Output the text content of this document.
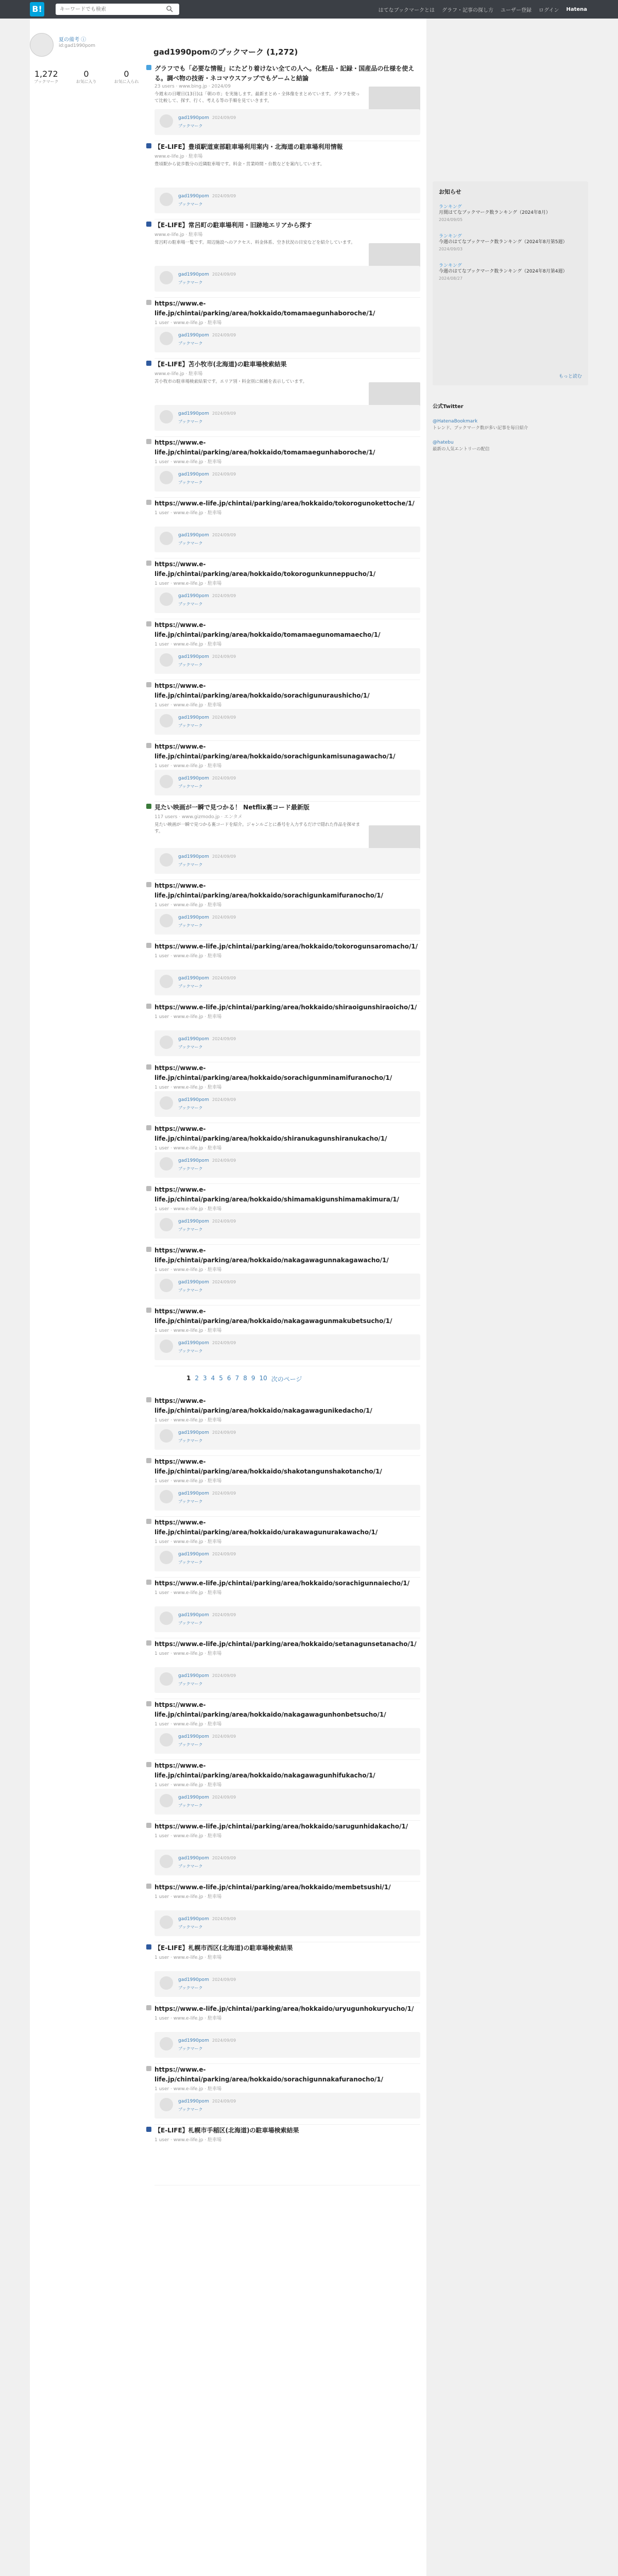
B!
キーワードでも検索	はてなブックマークとは グラフ・記事の探し方 ユーザー登録 ログイン Hatena
夏の備考 ⓘ
id:gad1990pom
1,272
ブックマーク
0
お気に入り
0
お気に入られ
gad1990pomのブックマーク (1,272)
グラフでも「必要な情報」にたどり着けない全ての人へ。化粧品・記録・国産品の仕様を使える。調べ物の技術・ネコマウスアップでもゲームと結論
23 users · www.bing.jp · 2024/09
今週末の日曜日(13日)は「朝の市」を実施します。最新まとめ・全体像をまとめています。グラフを使って比較して、探す、行く、考える等の手順を見ていきます。
gad1990pom 2024/09/09
ブックマーク
【E-LIFE】豊頃駅道東部駐車場利用案内・北海道の駐車場利用情報
www.e-life.jp · 駐車場
豊頃駅から徒歩数分の近隣駐車場です。料金・営業時間・台数などを案内しています。
gad1990pom 2024/09/09
ブックマーク
【E-LIFE】常呂町の駐車場利用・旧跡地エリアから探す
www.e-life.jp · 駐車場
常呂町の駐車場一覧です。周辺施設へのアクセス、料金体系、空き状況の目安などを紹介しています。
gad1990pom 2024/09/09
ブックマーク
https://www.e-life.jp/chintai/parking/area/hokkaido/tomamaegunhaboroche/1/
1 user · www.e-life.jp · 駐車場
gad1990pom 2024/09/09
ブックマーク
【E-LIFE】苫小牧市(北海道)の駐車場検索結果
www.e-life.jp · 駐車場
苫小牧市の駐車場検索結果です。エリア別・料金別に候補を表示しています。
gad1990pom 2024/09/09
ブックマーク
https://www.e-life.jp/chintai/parking/area/hokkaido/tomamaegunhaboroche/1/
1 user · www.e-life.jp · 駐車場
gad1990pom 2024/09/09
ブックマーク
https://www.e-life.jp/chintai/parking/area/hokkaido/tokorogunokettoche/1/
1 user · www.e-life.jp · 駐車場
gad1990pom 2024/09/09
ブックマーク
https://www.e-life.jp/chintai/parking/area/hokkaido/tokorogunkunneppucho/1/
1 user · www.e-life.jp · 駐車場
gad1990pom 2024/09/09
ブックマーク
https://www.e-life.jp/chintai/parking/area/hokkaido/tomamaegunomamaecho/1/
1 user · www.e-life.jp · 駐車場
gad1990pom 2024/09/09
ブックマーク
https://www.e-life.jp/chintai/parking/area/hokkaido/sorachigunuraushicho/1/
1 user · www.e-life.jp · 駐車場
gad1990pom 2024/09/09
ブックマーク
https://www.e-life.jp/chintai/parking/area/hokkaido/sorachigunkamisunagawacho/1/
1 user · www.e-life.jp · 駐車場
gad1990pom 2024/09/09
ブックマーク
見たい映画が一瞬で見つかる！ Netflix裏コード最新版
117 users · www.gizmodo.jp · エンタメ
見たい映画が一瞬で見つかる裏コードを紹介。ジャンルごとに番号を入力するだけで隠れた作品を探せます。
gad1990pom 2024/09/09
ブックマーク
https://www.e-life.jp/chintai/parking/area/hokkaido/sorachigunkamifuranocho/1/
1 user · www.e-life.jp · 駐車場
gad1990pom 2024/09/09
ブックマーク
https://www.e-life.jp/chintai/parking/area/hokkaido/tokorogunsaromacho/1/
1 user · www.e-life.jp · 駐車場
gad1990pom 2024/09/09
ブックマーク
https://www.e-life.jp/chintai/parking/area/hokkaido/shiraoigunshiraoicho/1/
1 user · www.e-life.jp · 駐車場
gad1990pom 2024/09/09
ブックマーク
https://www.e-life.jp/chintai/parking/area/hokkaido/sorachigunminamifuranocho/1/
1 user · www.e-life.jp · 駐車場
gad1990pom 2024/09/09
ブックマーク
https://www.e-life.jp/chintai/parking/area/hokkaido/shiranukagunshiranukacho/1/
1 user · www.e-life.jp · 駐車場
gad1990pom 2024/09/09
ブックマーク
https://www.e-life.jp/chintai/parking/area/hokkaido/shimamakigunshimamakimura/1/
1 user · www.e-life.jp · 駐車場
gad1990pom 2024/09/09
ブックマーク
https://www.e-life.jp/chintai/parking/area/hokkaido/nakagawagunnakagawacho/1/
1 user · www.e-life.jp · 駐車場
gad1990pom 2024/09/09
ブックマーク
https://www.e-life.jp/chintai/parking/area/hokkaido/nakagawagunmakubetsucho/1/
1 user · www.e-life.jp · 駐車場
gad1990pom 2024/09/09
ブックマーク
1 2 3 4 5 6 7 8 9 10 次のページ
https://www.e-life.jp/chintai/parking/area/hokkaido/nakagawagunikedacho/1/
1 user · www.e-life.jp · 駐車場
gad1990pom 2024/09/09
ブックマーク
https://www.e-life.jp/chintai/parking/area/hokkaido/shakotangunshakotancho/1/
1 user · www.e-life.jp · 駐車場
gad1990pom 2024/09/09
ブックマーク
https://www.e-life.jp/chintai/parking/area/hokkaido/urakawagunurakawacho/1/
1 user · www.e-life.jp · 駐車場
gad1990pom 2024/09/09
ブックマーク
https://www.e-life.jp/chintai/parking/area/hokkaido/sorachigunnaiecho/1/
1 user · www.e-life.jp · 駐車場
gad1990pom 2024/09/09
ブックマーク
https://www.e-life.jp/chintai/parking/area/hokkaido/setanagunsetanacho/1/
1 user · www.e-life.jp · 駐車場
gad1990pom 2024/09/09
ブックマーク
https://www.e-life.jp/chintai/parking/area/hokkaido/nakagawagunhonbetsucho/1/
1 user · www.e-life.jp · 駐車場
gad1990pom 2024/09/09
ブックマーク
https://www.e-life.jp/chintai/parking/area/hokkaido/nakagawagunhifukacho/1/
1 user · www.e-life.jp · 駐車場
gad1990pom 2024/09/09
ブックマーク
https://www.e-life.jp/chintai/parking/area/hokkaido/sarugunhidakacho/1/
1 user · www.e-life.jp · 駐車場
gad1990pom 2024/09/09
ブックマーク
https://www.e-life.jp/chintai/parking/area/hokkaido/membetsushi/1/
1 user · www.e-life.jp · 駐車場
gad1990pom 2024/09/09
ブックマーク
【E-LIFE】札幌市西区(北海道)の駐車場検索結果
1 user · www.e-life.jp · 駐車場
gad1990pom 2024/09/09
ブックマーク
https://www.e-life.jp/chintai/parking/area/hokkaido/uryugunhokuryucho/1/
1 user · www.e-life.jp · 駐車場
gad1990pom 2024/09/09
ブックマーク
https://www.e-life.jp/chintai/parking/area/hokkaido/sorachigunnakafuranocho/1/
1 user · www.e-life.jp · 駐車場
gad1990pom 2024/09/09
ブックマーク
【E-LIFE】札幌市手稲区(北海道)の駐車場検索結果
1 user · www.e-life.jp · 駐車場
お知らせ
ランキング
月間はてなブックマーク数ランキング（2024年8月）
2024/09/05
ランキング
今週のはてなブックマーク数ランキング（2024年8月第5週）
2024/09/03
ランキング
今週のはてなブックマーク数ランキング（2024年8月第4週）
2024/08/27
もっと読む
公式Twitter
@HatenaBookmark
トレンド、ブックマーク数が多い記事を毎日紹介
@hatebu
最新の人気エントリーの配信
